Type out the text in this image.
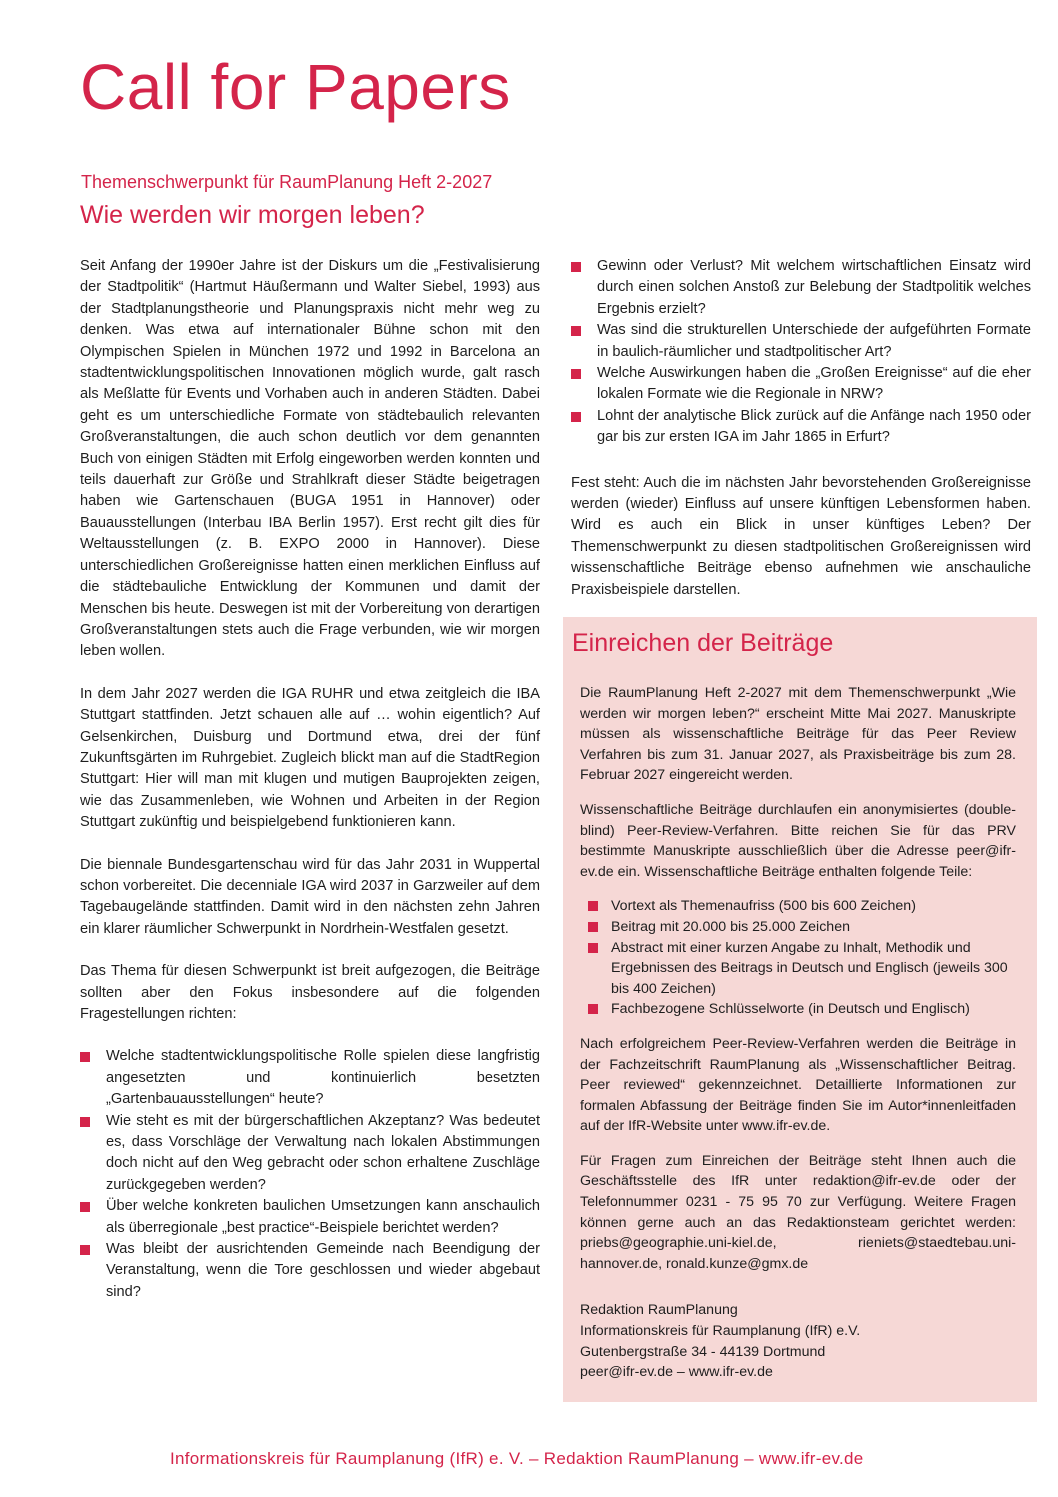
Call for Papers
Themenschwerpunkt für RaumPlanung Heft 2-2027
Wie werden wir morgen leben?

Seit Anfang der 1990er Jahre ist der Diskurs um die „Festivalisierung der Stadtpolitik“ (Hartmut Häußermann und Walter Siebel, 1993) aus der Stadtplanungstheorie und Planungspraxis nicht mehr weg zu denken. Was etwa auf internationaler Bühne schon mit den Olympischen Spielen in München 1972 und 1992 in Barcelona an stadtentwicklungspolitischen Innovationen möglich wurde, galt rasch als Meßlatte für Events und Vorhaben auch in anderen Städten. Dabei geht es um unterschiedliche Formate von städtebaulich relevanten Großveranstaltungen, die auch schon deutlich vor dem genannten Buch von einigen Städten mit Erfolg eingeworben werden konnten und teils dauerhaft zur Größe und Strahlkraft dieser Städte beigetragen haben wie Gartenschauen (BUGA 1951 in Hannover) oder Bauausstellungen (Interbau IBA Berlin 1957). Erst recht gilt dies für Weltausstellungen (z. B. EXPO 2000 in Hannover). Diese unterschiedlichen Großereignisse hatten einen merklichen Einfluss auf die städtebauliche Entwicklung der Kommunen und damit der Menschen bis heute. Deswegen ist mit der Vorbereitung von derartigen Großveranstaltungen stets auch die Frage verbunden, wie wir morgen leben wollen.

In dem Jahr 2027 werden die IGA RUHR und etwa zeitgleich die IBA Stuttgart stattfinden. Jetzt schauen alle auf … wohin eigentlich? Auf Gelsenkirchen, Duisburg und Dortmund etwa, drei der fünf Zukunftsgärten im Ruhrgebiet. Zugleich blickt man auf die StadtRegion Stuttgart: Hier will man mit klugen und mutigen Bauprojekten zeigen, wie das Zusammenleben, wie Wohnen und Arbeiten in der Region Stuttgart zukünftig und beispielgebend funktionieren kann.

Die biennale Bundesgartenschau wird für das Jahr 2031 in Wuppertal schon vorbereitet. Die decenniale IGA wird 2037 in Garzweiler auf dem Tagebaugelände stattfinden. Damit wird in den nächsten zehn Jahren ein klarer räumlicher Schwerpunkt in Nordrhein-Westfalen gesetzt.

Das Thema für diesen Schwerpunkt ist breit aufgezogen, die Beiträge sollten aber den Fokus insbesondere auf die folgenden Fragestellungen richten:

Welche stadtentwicklungspolitische Rolle spielen diese langfristig angesetzten und kontinuierlich besetzten „Gartenbauausstellungen“ heute?
Wie steht es mit der bürgerschaftlichen Akzeptanz? Was bedeutet es, dass Vorschläge der Verwaltung nach lokalen Abstimmungen doch nicht auf den Weg gebracht oder schon erhaltene Zuschläge zurückgegeben werden?
Über welche konkreten baulichen Umsetzungen kann anschaulich als überregionale „best practice“-Beispiele berichtet werden?
Was bleibt der ausrichtenden Gemeinde nach Beendigung der Veranstaltung, wenn die Tore geschlossen und wieder abgebaut sind?
Gewinn oder Verlust? Mit welchem wirtschaftlichen Einsatz wird durch einen solchen Anstoß zur Belebung der Stadtpolitik welches Ergebnis erzielt?
Was sind die strukturellen Unterschiede der aufgeführten Formate in baulich-räumlicher und stadtpolitischer Art?
Welche Auswirkungen haben die „Großen Ereignisse“ auf die eher lokalen Formate wie die Regionale in NRW?
Lohnt der analytische Blick zurück auf die Anfänge nach 1950 oder gar bis zur ersten IGA im Jahr 1865 in Erfurt?

Fest steht: Auch die im nächsten Jahr bevorstehenden Großereignisse werden (wieder) Einfluss auf unsere künftigen Lebensformen haben. Wird es auch ein Blick in unser künftiges Leben? Der Themenschwerpunkt zu diesen stadtpolitischen Großereignissen wird wissenschaftliche Beiträge ebenso aufnehmen wie anschauliche Praxisbeispiele darstellen.

Einreichen der Beiträge

Die RaumPlanung Heft 2-2027 mit dem Themenschwerpunkt „Wie werden wir morgen leben?“ erscheint Mitte Mai 2027. Manuskripte müssen als wissenschaftliche Beiträge für das Peer Review Verfahren bis zum 31. Januar 2027, als Praxisbeiträge bis zum 28. Februar 2027 eingereicht werden.

Wissenschaftliche Beiträge durchlaufen ein anonymisiertes (double-blind) Peer-Review-Verfahren. Bitte reichen Sie für das PRV bestimmte Manuskripte ausschließlich über die Adresse peer@ifr-ev.de ein. Wissenschaftliche Beiträge enthalten folgende Teile:

Vortext als Themenaufriss (500 bis 600 Zeichen)
Beitrag mit 20.000 bis 25.000 Zeichen
Abstract mit einer kurzen Angabe zu Inhalt, Methodik und Ergebnissen des Beitrags in Deutsch und Englisch (jeweils 300 bis 400 Zeichen)
Fachbezogene Schlüsselworte (in Deutsch und Englisch)

Nach erfolgreichem Peer-Review-Verfahren werden die Beiträge in der Fachzeitschrift RaumPlanung als „Wissenschaftlicher Beitrag. Peer reviewed“ gekennzeichnet. Detaillierte Informationen zur formalen Abfassung der Beiträge finden Sie im Autor*innenleitfaden auf der IfR-Website unter www.ifr-ev.de.

Für Fragen zum Einreichen der Beiträge steht Ihnen auch die Geschäftsstelle des IfR unter redaktion@ifr-ev.de oder der Telefonnummer 0231 - 75 95 70 zur Verfügung. Weitere Fragen können gerne auch an das Redaktionsteam gerichtet werden: priebs@geographie.uni-kiel.de, rieniets@staedtebau.uni-hannover.de, ronald.kunze@gmx.de

Redaktion RaumPlanung
Informationskreis für Raumplanung (IfR) e.V.
Gutenbergstraße 34 - 44139 Dortmund
peer@ifr-ev.de – www.ifr-ev.de
Informationskreis für Raumplanung (IfR) e. V. – Redaktion RaumPlanung – www.ifr-ev.de
